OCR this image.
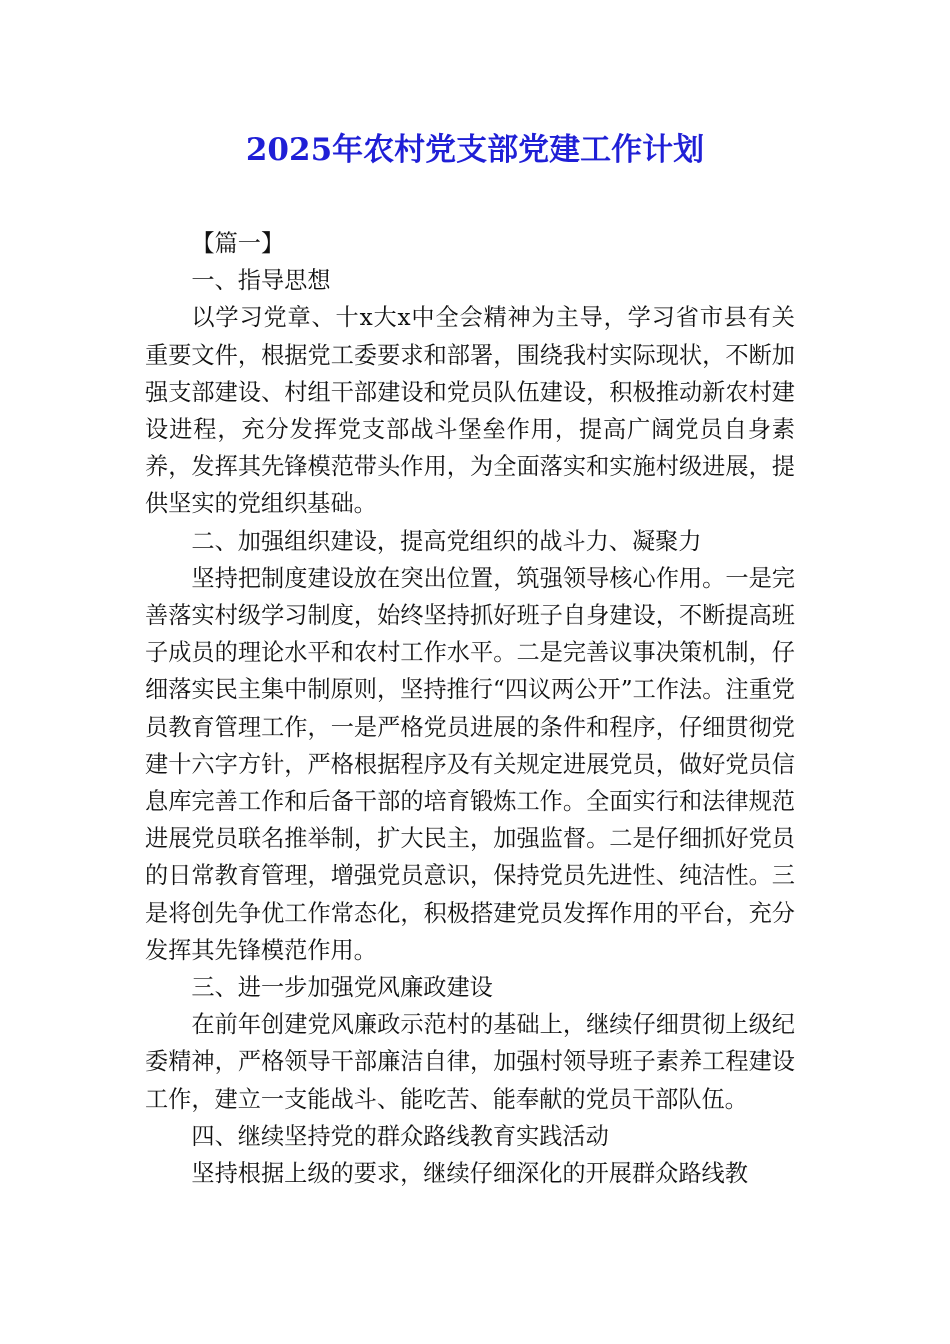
2025年农村党支部党建工作计划

【篇一】

一、指导思想

以学习党章、十x大x中全会精神为主导，学习省市县有关重要文件，根据党工委要求和部署，围绕我村实际现状，不断加强支部建设、村组干部建设和党员队伍建设，积极推动新农村建设进程，充分发挥党支部战斗堡垒作用，提高广阔党员自身素养，发挥其先锋模范带头作用，为全面落实和实施村级进展，提供坚实的党组织基础。

二、加强组织建设，提高党组织的战斗力、凝聚力

坚持把制度建设放在突出位置，筑强领导核心作用。一是完善落实村级学习制度，始终坚持抓好班子自身建设，不断提高班子成员的理论水平和农村工作水平。二是完善议事决策机制，仔细落实民主集中制原则，坚持推行“四议两公开”工作法。注重党员教育管理工作，一是严格党员进展的条件和程序，仔细贯彻党建十六字方针，严格根据程序及有关规定进展党员，做好党员信息库完善工作和后备干部的培育锻炼工作。全面实行和法律规范进展党员联名推举制，扩大民主，加强监督。二是仔细抓好党员的日常教育管理，增强党员意识，保持党员先进性、纯洁性。三是将创先争优工作常态化，积极搭建党员发挥作用的平台，充分发挥其先锋模范作用。

三、进一步加强党风廉政建设

在前年创建党风廉政示范村的基础上，继续仔细贯彻上级纪委精神，严格领导干部廉洁自律，加强村领导班子素养工程建设工作，建立一支能战斗、能吃苦、能奉献的党员干部队伍。

四、继续坚持党的群众路线教育实践活动

坚持根据上级的要求，继续仔细深化的开展群众路线教
